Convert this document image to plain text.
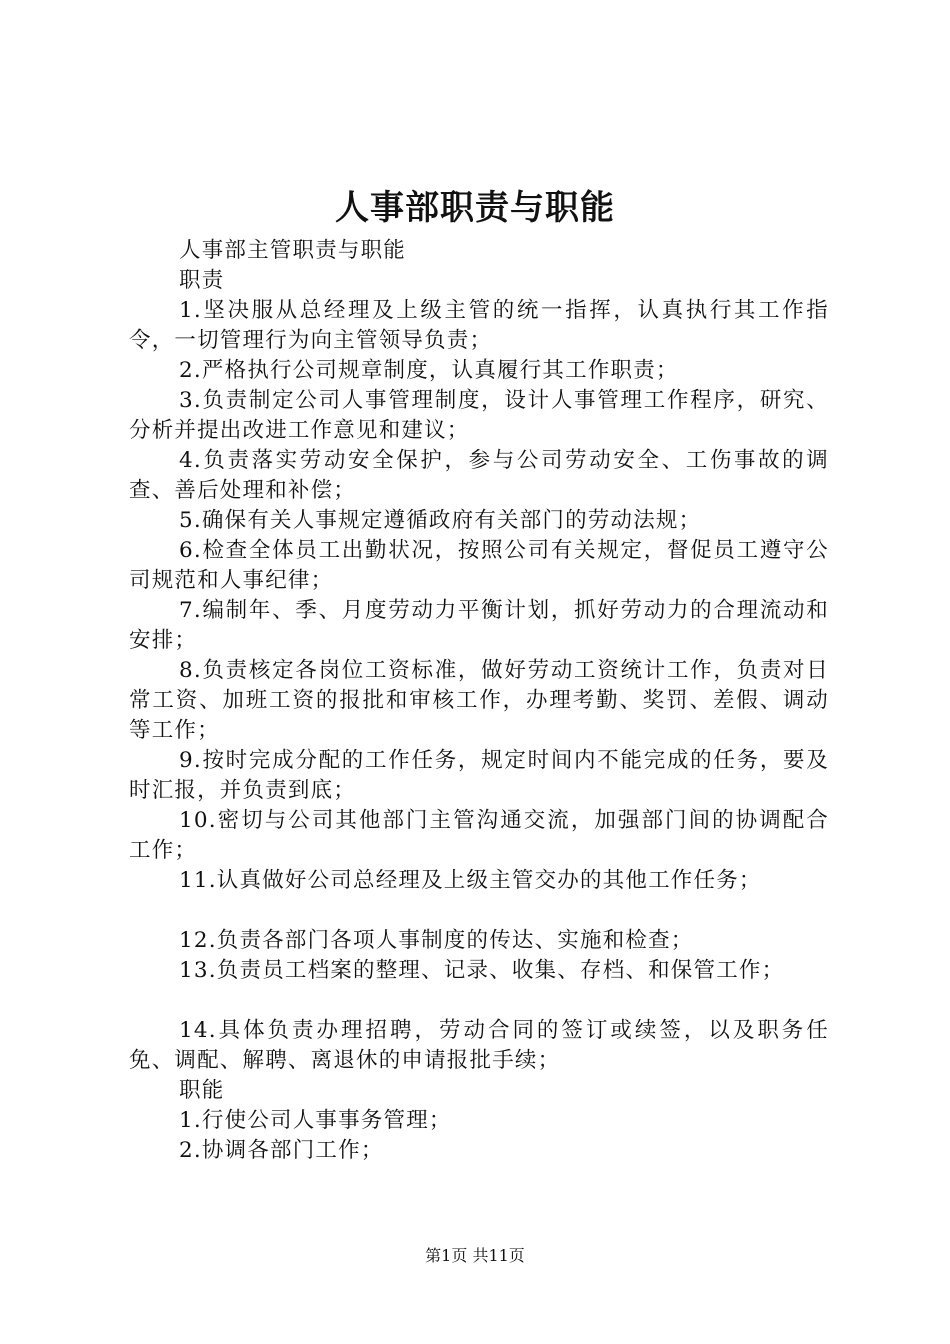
人事部职责与职能

人事部主管职责与职能

职责

1.坚决服从总经理及上级主管的统一指挥，认真执行其工作指令，一切管理行为向主管领导负责；

2.严格执行公司规章制度，认真履行其工作职责；

3.负责制定公司人事管理制度，设计人事管理工作程序，研究、分析并提出改进工作意见和建议；

4.负责落实劳动安全保护，参与公司劳动安全、工伤事故的调查、善后处理和补偿；

5.确保有关人事规定遵循政府有关部门的劳动法规；

6.检查全体员工出勤状况，按照公司有关规定，督促员工遵守公司规范和人事纪律；

7.编制年、季、月度劳动力平衡计划，抓好劳动力的合理流动和安排；

8.负责核定各岗位工资标准，做好劳动工资统计工作，负责对日常工资、加班工资的报批和审核工作，办理考勤、奖罚、差假、调动等工作；

9.按时完成分配的工作任务，规定时间内不能完成的任务，要及时汇报，并负责到底；

10.密切与公司其他部门主管沟通交流，加强部门间的协调配合工作；

11.认真做好公司总经理及上级主管交办的其他工作任务；

12.负责各部门各项人事制度的传达、实施和检查；

13.负责员工档案的整理、记录、收集、存档、和保管工作；

14.具体负责办理招聘，劳动合同的签订或续签，以及职务任免、调配、解聘、离退休的申请报批手续；

职能

1.行使公司人事事务管理；

2.协调各部门工作；

第1页 共11页
